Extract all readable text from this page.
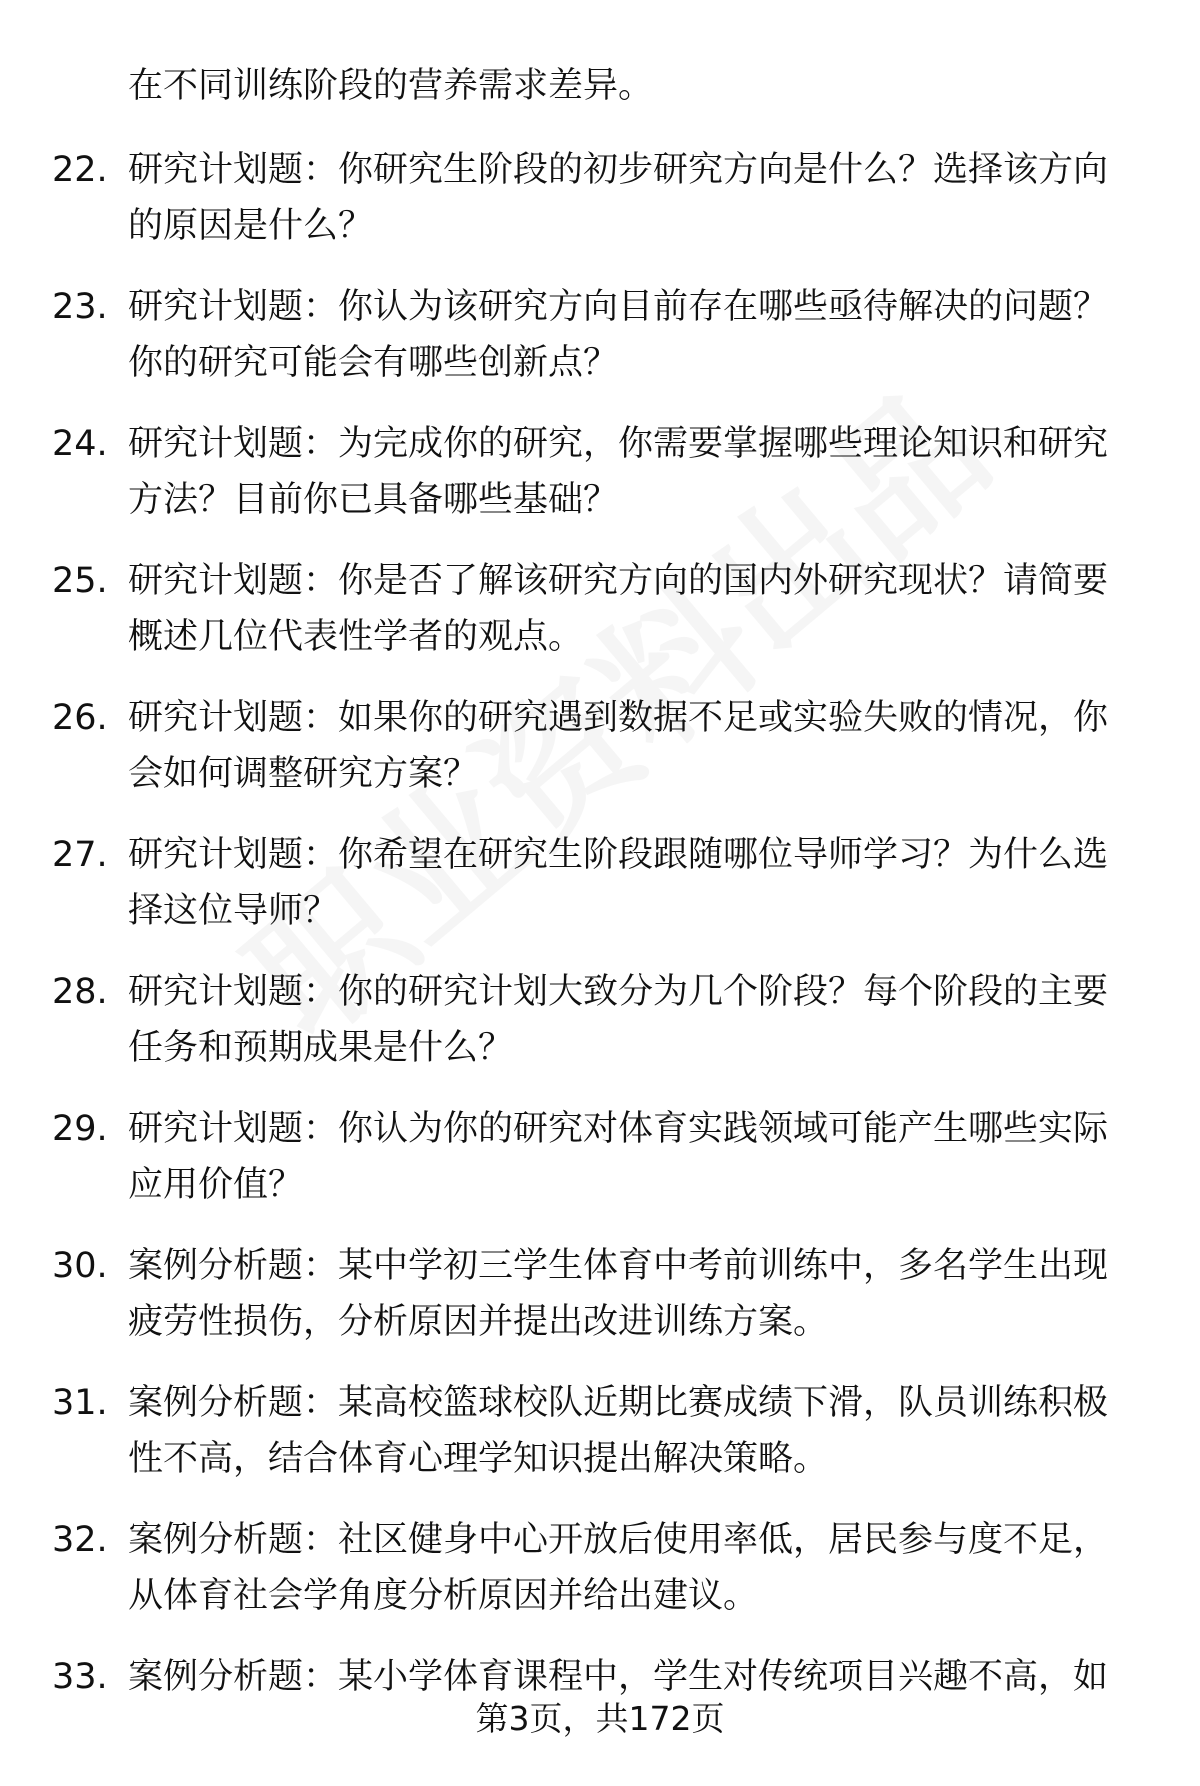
在不同训练阶段的营养需求差异。
22. 研究计划题：你研究生阶段的初步研究方向是什么？选择该方向的原因是什么？
23. 研究计划题：你认为该研究方向目前存在哪些亟待解决的问题？你的研究可能会有哪些创新点？
24. 研究计划题：为完成你的研究，你需要掌握哪些理论知识和研究方法？目前你已具备哪些基础？
25. 研究计划题：你是否了解该研究方向的国内外研究现状？请简要概述几位代表性学者的观点。
26. 研究计划题：如果你的研究遇到数据不足或实验失败的情况，你会如何调整研究方案？
27. 研究计划题：你希望在研究生阶段跟随哪位导师学习？为什么选择这位导师？
28. 研究计划题：你的研究计划大致分为几个阶段？每个阶段的主要任务和预期成果是什么？
29. 研究计划题：你认为你的研究对体育实践领域可能产生哪些实际应用价值？
30. 案例分析题：某中学初三学生体育中考前训练中，多名学生出现疲劳性损伤，分析原因并提出改进训练方案。
31. 案例分析题：某高校篮球校队近期比赛成绩下滑，队员训练积极性不高，结合体育心理学知识提出解决策略。
32. 案例分析题：社区健身中心开放后使用率低，居民参与度不足，从体育社会学角度分析原因并给出建议。
33. 案例分析题：某小学体育课程中，学生对传统项目兴趣不高，如
第3页，共172页
